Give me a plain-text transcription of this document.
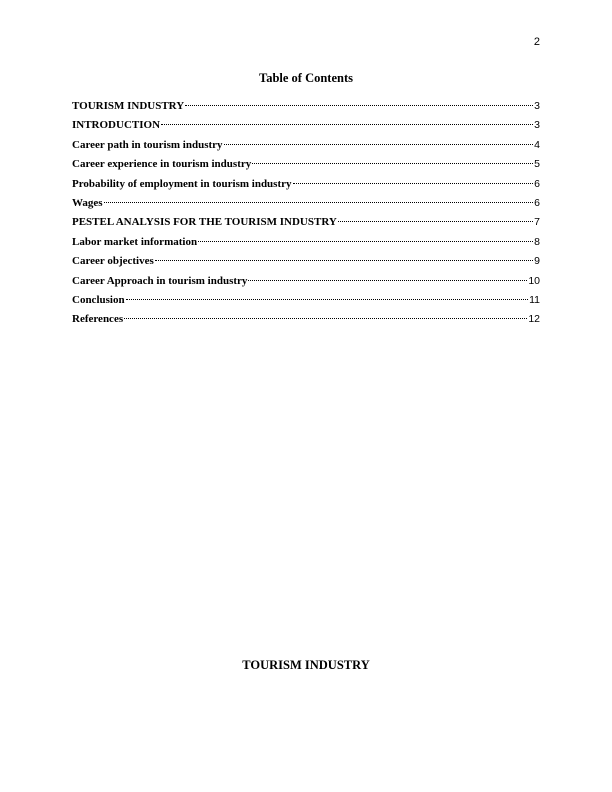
2
Table of Contents
TOURISM INDUSTRY	3
INTRODUCTION	3
Career path in tourism industry	4
Career experience in tourism industry	5
Probability of employment in tourism industry	6
Wages	6
PESTEL ANALYSIS FOR THE TOURISM INDUSTRY	7
Labor market information	8
Career objectives	9
Career Approach in tourism industry	10
Conclusion	11
References	12
TOURISM INDUSTRY
